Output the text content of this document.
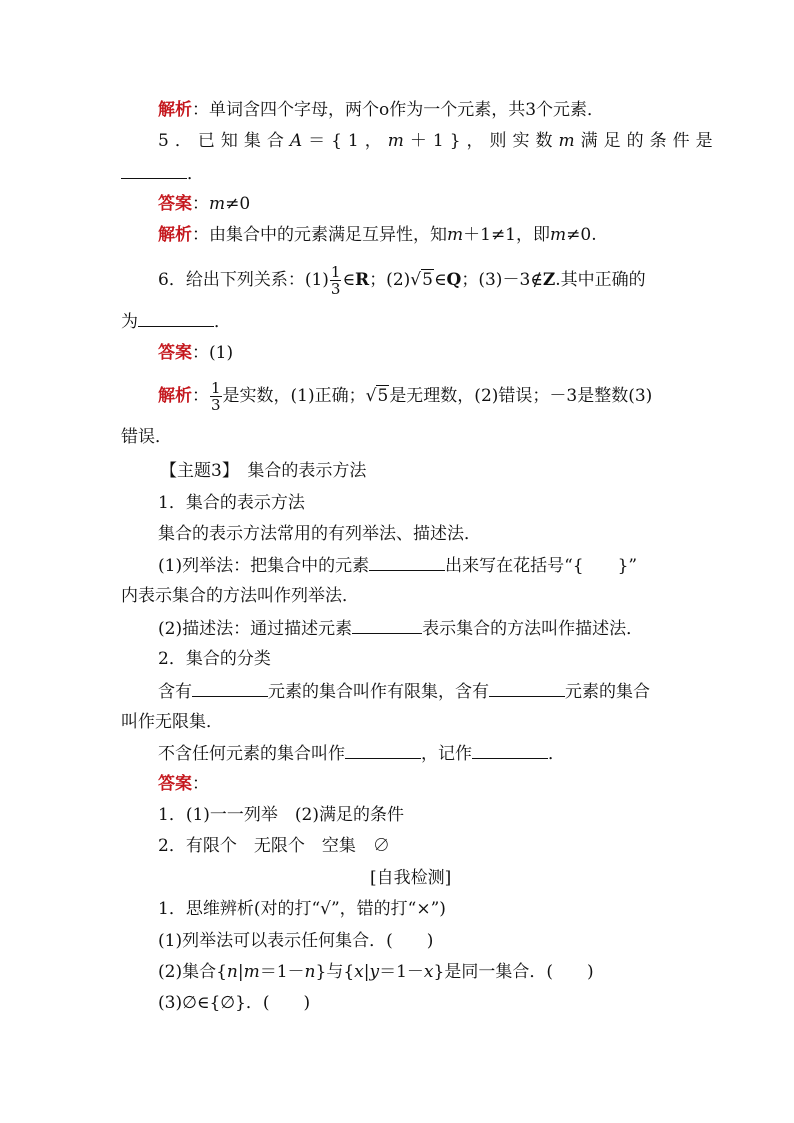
解析：单词含四个字母，两个o作为一个元素，共3个元素．
5．已知集合A＝{1，m＋1}，则实数m满足的条件是
．
答案：m≠0
解析：由集合中的元素满足互异性，知m＋1≠1，即m≠0.
6．给出下列关系：$(1) \frac{1}{3}$ ∈R；(2)√5∈Q；(3)－3∉Z.其中正确的
为	．
答案：(1)
解析： $\frac{1}{3}$ 是实数，(1)正确；√5是无理数，(2)错误；－3是整数(3)
错误．
【主题3】　集合的表示方法
1．集合的表示方法
集合的表示方法常用的有列举法、描述法．
(1)列举法：把集合中的元素	出来写在花括号“{　　}”
内表示集合的方法叫作列举法．
(2)描述法：通过描述元素	表示集合的方法叫作描述法．
2．集合的分类
含有	元素的集合叫作有限集，含有	元素的集合
叫作无限集．
不含任何元素的集合叫作	，记作	．
答案：
1．(1)一一列举　(2)满足的条件
2．有限个　无限个　空集　∅
[自我检测]
1．思维辨析(对的打“√”，错的打“×”)
(1)列举法可以表示任何集合．(　　)
(2)集合{n|m＝1－n}与{x|y＝1－x}是同一集合．(　　)
(3)∅∈{∅}．(　　)
